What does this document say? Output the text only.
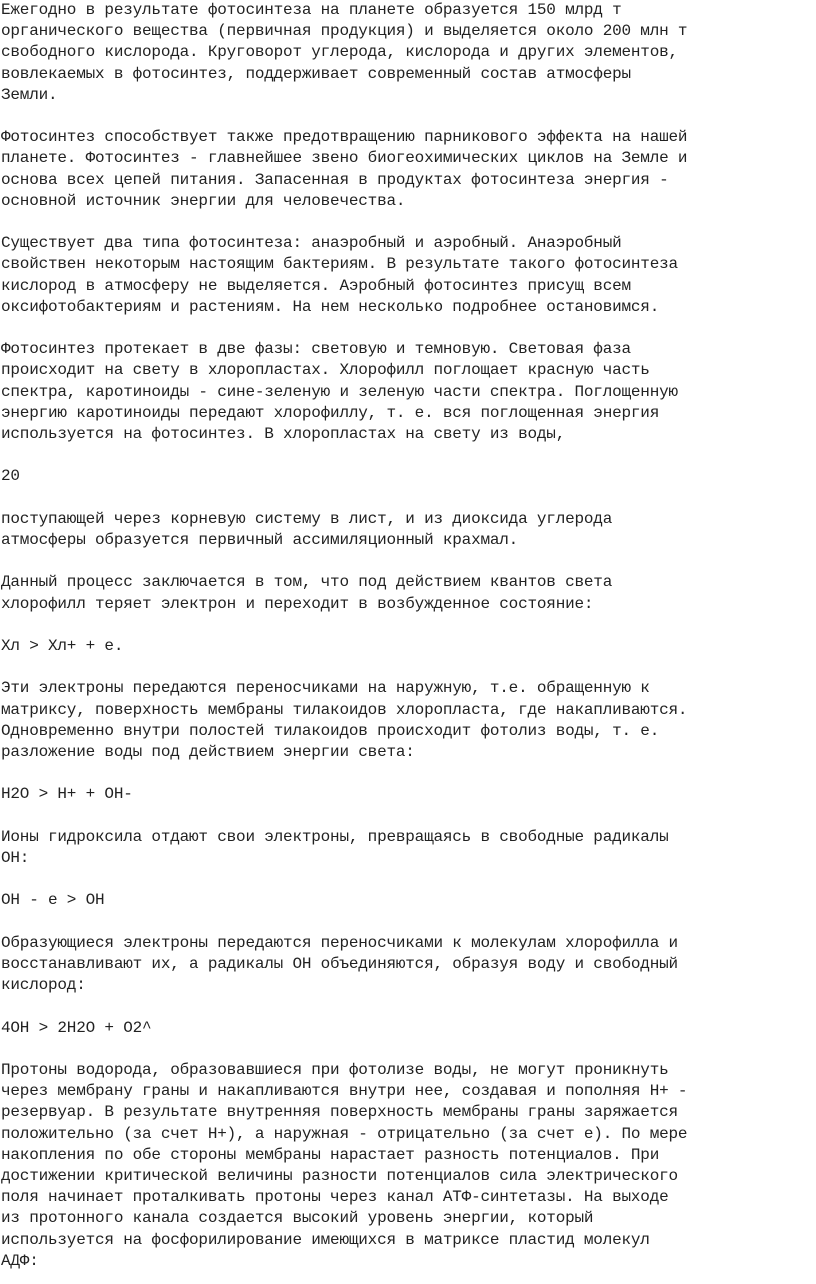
Ежегодно в результате фотосинтеза на планете образуется 150 млрд т
органического вещества (первичная продукция) и выделяется около 200 млн т
свободного кислорода. Круговорот углерода, кислорода и других элементов,
вовлекаемых в фотосинтез, поддерживает современный состав атмосферы
Земли.

Фотосинтез способствует также предотвращению парникового эффекта на нашей
планете. Фотосинтез - главнейшее звено биогеохимических циклов на Земле и
основа всех цепей питания. Запасенная в продуктах фотосинтеза энергия -
основной источник энергии для человечества.

Существует два типа фотосинтеза: анаэробный и аэробный. Анаэробный
свойствен некоторым настоящим бактериям. В результате такого фотосинтеза
кислород в атмосферу не выделяется. Аэробный фотосинтез присущ всем
оксифотобактериям и растениям. На нем несколько подробнее остановимся.

Фотосинтез протекает в две фазы: световую и темновую. Световая фаза
происходит на свету в хлоропластах. Хлорофилл поглощает красную часть
спектра, каротиноиды - сине-зеленую и зеленую части спектра. Поглощенную
энергию каротиноиды передают хлорофиллу, т. е. вся поглощенная энергия
используется на фотосинтез. В хлоропластах на свету из воды,

20

поступающей через корневую систему в лист, и из диоксида углерода
атмосферы образуется первичный ассимиляционный крахмал.

Данный процесс заключается в том, что под действием квантов света
хлорофилл теряет электрон и переходит в возбужденное состояние:

Хл > Хл+ + е.

Эти электроны передаются переносчиками на наружную, т.е. обращенную к
матриксу, поверхность мембраны тилакоидов хлоропласта, где накапливаются.
Одновременно внутри полостей тилакоидов происходит фотолиз воды, т. е.
разложение воды под действием энергии света:

H2O > H+ + OH-

Ионы гидроксила отдают свои электроны, превращаясь в свободные радикалы
ОН:

ОН - е > ОН

Образующиеся электроны передаются переносчиками к молекулам хлорофилла и
восстанавливают их, а радикалы ОН объединяются, образуя воду и свободный
кислород:

4ОН > 2Н2О + О2^

Протоны водорода, образовавшиеся при фотолизе воды, не могут проникнуть
через мембрану граны и накапливаются внутри нее, создавая и пополняя Н+ -
резервуар. В результате внутренняя поверхность мембраны граны заряжается
положительно (за счет Н+), а наружная - отрицательно (за счет е). По мере
накопления по обе стороны мембраны нарастает разность потенциалов. При
достижении критической величины разности потенциалов сила электрического
поля начинает проталкивать протоны через канал АТФ-синтетазы. На выходе
из протонного канала создается высокий уровень энергии, который
используется на фосфорилирование имеющихся в матриксе пластид молекул
АДФ:
